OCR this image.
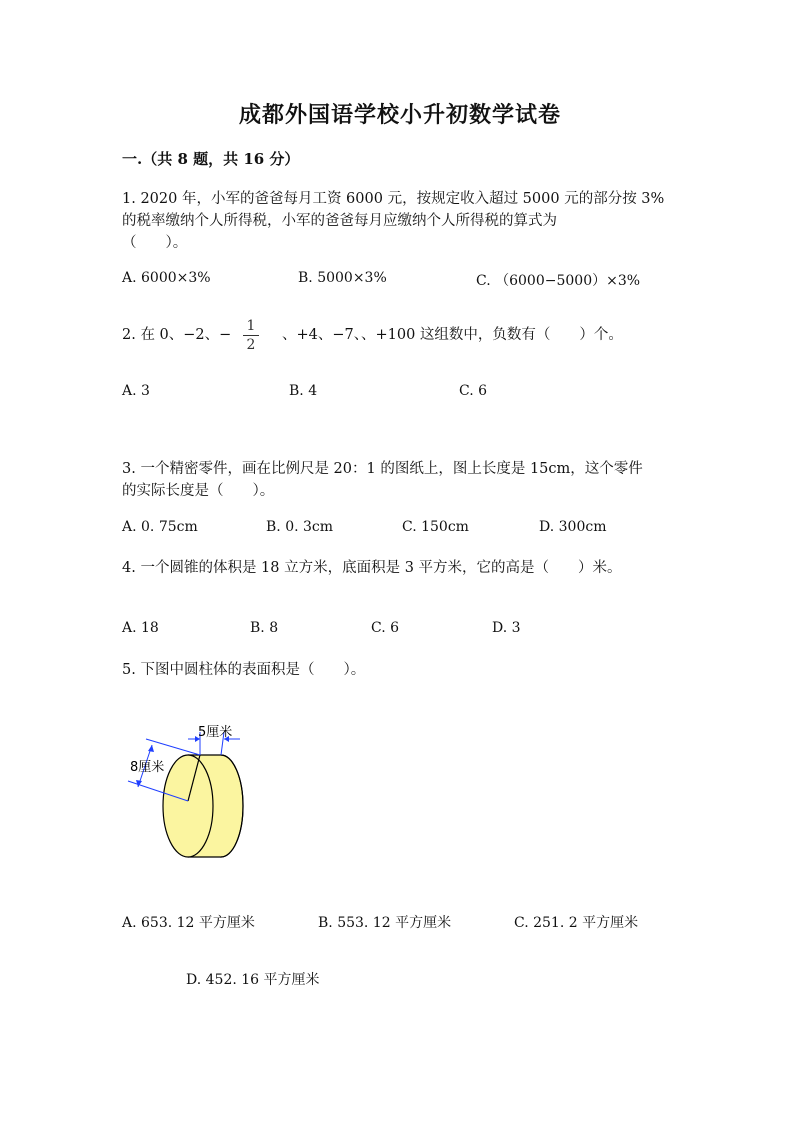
成都外国语学校小升初数学试卷
一.（共 8 题，共 16 分）
1. 2020 年，小军的爸爸每月工资 6000 元，按规定收入超过 5000 元的部分按 3%
的税率缴纳个人所得税，小军的爸爸每月应缴纳个人所得税的算式为
（　　）。
A. 6000×3%	B. 5000×3%	C. （6000−5000）×3%
2. 在 0、−2、−
1
2
、+4、−7、、+100 这组数中，负数有（　　）个。
A. 3	B. 4	C. 6
3. 一个精密零件，画在比例尺是 20：1 的图纸上，图上长度是 15cm，这个零件
的实际长度是（　　）。
A. 0. 75cm	B. 0. 3cm	C. 150cm	D. 300cm
4. 一个圆锥的体积是 18 立方米，底面积是 3 平方米，它的高是（　　）米。
A. 18	B. 8	C. 6	D. 3
5. 下图中圆柱体的表面积是（　　）。
5厘米
8厘米
A. 653. 12 平方厘米	B. 553. 12 平方厘米	C. 251. 2 平方厘米
D. 452. 16 平方厘米
